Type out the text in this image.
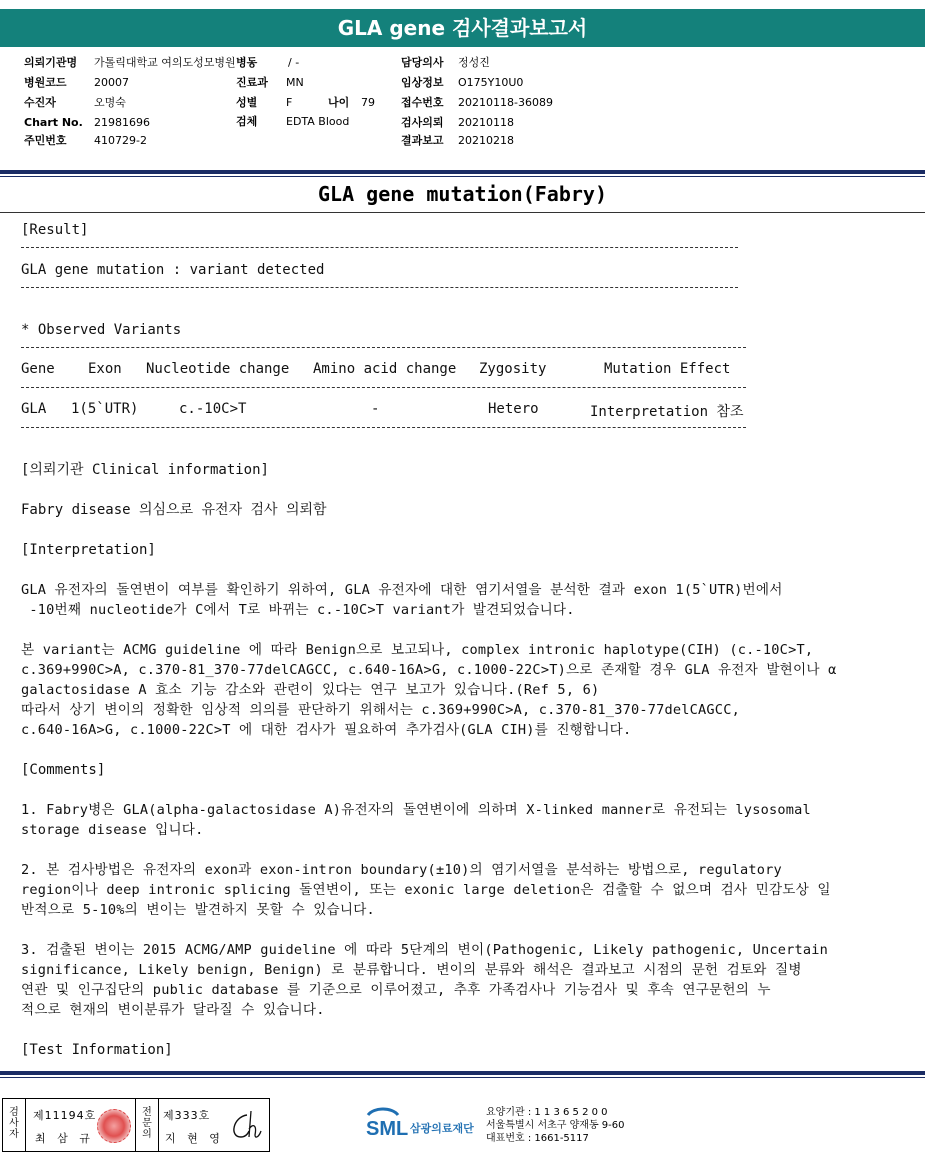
GLA gene 검사결과보고서
의뢰기관명 가톨릭대학교 여의도성모병원
병원코드 20007
수진자	오명숙
Chart No. 21981696
주민번호 410729-2
병동	/ -
진료과 MN
성별	F	나이 79
검체	EDTA Blood
담당의사 정성진
임상정보 O175Y10U0
접수번호 20210118-36089
검사의뢰 20210118
결과보고 20210218
GLA gene mutation(Fabry)
[Result]
GLA gene mutation : variant detected
* Observed Variants
Gene Exon Nucleotide change Amino acid change Zygosity	Mutation Effect
GLA 1(5`UTR)	c.-10C>T	-	Hetero	Interpretation 참조
[의뢰기관 Clinical information]
Fabry disease 의심으로 유전자 검사 의뢰함
[Interpretation]
GLA 유전자의 돌연변이 여부를 확인하기 위하여, GLA 유전자에 대한 염기서열을 분석한 결과 exon 1(5`UTR)번에서
-10번째 nucleotide가 C에서 T로 바뀌는 c.-10C>T variant가 발견되었습니다.
본 variant는 ACMG guideline 에 따라 Benign으로 보고되나, complex intronic haplotype(CIH) (c.-10C>T,
c.369+990C>A, c.370-81_370-77delCAGCC, c.640-16A>G, c.1000-22C>T)으로 존재할 경우 GLA 유전자 발현이나 α
galactosidase A 효소 기능 감소와 관련이 있다는 연구 보고가 있습니다.(Ref 5, 6)
따라서 상기 변이의 정확한 임상적 의의를 판단하기 위해서는 c.369+990C>A, c.370-81_370-77delCAGCC,
c.640-16A>G, c.1000-22C>T 에 대한 검사가 필요하여 추가검사(GLA CIH)를 진행합니다.
[Comments]
1. Fabry병은 GLA(alpha-galactosidase A)유전자의 돌연변이에 의하며 X-linked manner로 유전되는 lysosomal
storage disease 입니다.
2. 본 검사방법은 유전자의 exon과 exon-intron boundary(±10)의 염기서열을 분석하는 방법으로, regulatory
region이나 deep intronic splicing 돌연변이, 또는 exonic large deletion은 검출할 수 없으며 검사 민감도상 일
반적으로 5-10%의 변이는 발견하지 못할 수 있습니다.
3. 검출된 변이는 2015 ACMG/AMP guideline 에 따라 5단계의 변이(Pathogenic, Likely pathogenic, Uncertain
significance, Likely benign, Benign) 로 분류합니다. 변이의 분류와 해석은 결과보고 시점의 문헌 검토와 질병
연관 및 인구집단의 public database 를 기준으로 이루어졌고, 추후 가족검사나 기능검사 및 후속 연구문헌의 누
적으로 현재의 변이분류가 달라질 수 있습니다.
[Test Information]
검
사
자
제11194호
최 삼 규
전
문
의
제333호
지 현 영	SML 삼광의료재단
요양기관 : 1 1 3 6 5 2 0 0
서울특별시 서초구 양재동 9-60
대표번호 : 1661-5117
